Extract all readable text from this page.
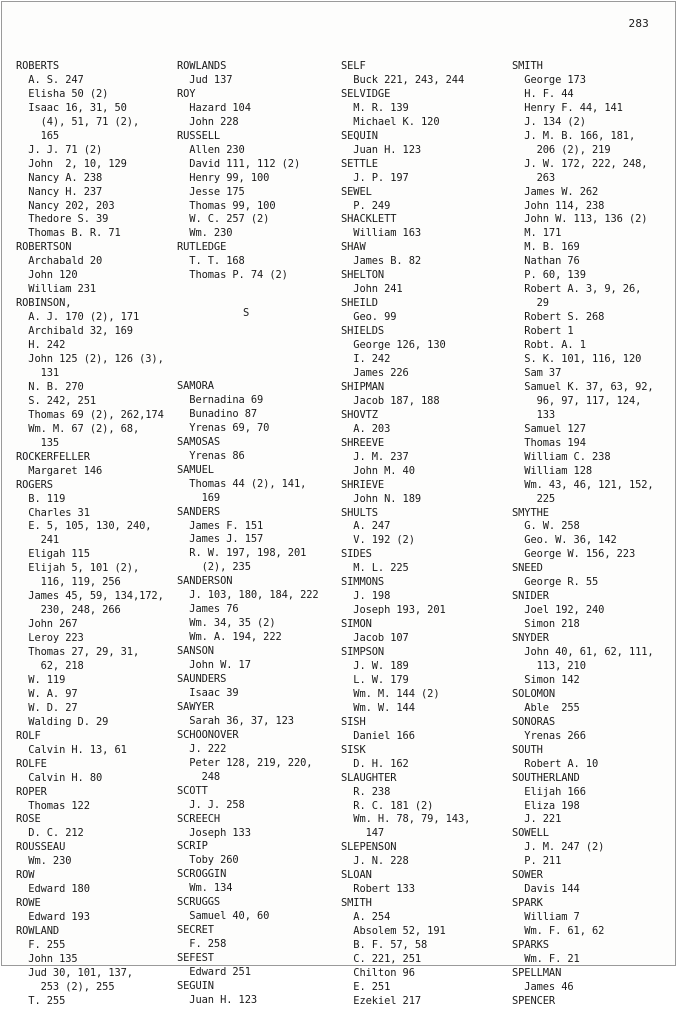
283
ROBERTS
A. S. 247
Elisha 50 (2)
Isaac 16, 31, 50
(4), 51, 71 (2),
165
J. J. 71 (2)
John  2, 10, 129
Nancy A. 238
Nancy H. 237
Nancy 202, 203
Thedore S. 39
Thomas B. R. 71
ROBERTSON
Archabald 20
John 120
William 231
ROBINSON,
A. J. 170 (2), 171
Archibald 32, 169
H. 242
John 125 (2), 126 (3),
131
N. B. 270
S. 242, 251
Thomas 69 (2), 262,174
Wm. M. 67 (2), 68,
135
ROCKERFELLER
Margaret 146
ROGERS
B. 119
Charles 31
E. 5, 105, 130, 240,
241
Eligah 115
Elijah 5, 101 (2),
116, 119, 256
James 45, 59, 134,172,
230, 248, 266
John 267
Leroy 223
Thomas 27, 29, 31,
62, 218
W. 119
W. A. 97
W. D. 27
Walding D. 29
ROLF
Calvin H. 13, 61
ROLFE
Calvin H. 80
ROPER
Thomas 122
ROSE
D. C. 212
ROUSSEAU
Wm. 230
ROW
Edward 180
ROWE
Edward 193
ROWLAND
F. 255
John 135
Jud 30, 101, 137,
253 (2), 255
T. 255
ROWLANDS
Jud 137
ROY
Hazard 104
John 228
RUSSELL
Allen 230
David 111, 112 (2)
Henry 99, 100
Jesse 175
Thomas 99, 100
W. C. 257 (2)
Wm. 230
RUTLEDGE
T. T. 168
Thomas P. 74 (2)
SAMORA
Bernadina 69
Bunadino 87
Yrenas 69, 70
SAMOSAS
Yrenas 86
SAMUEL
Thomas 44 (2), 141,
169
SANDERS
James F. 151
James J. 157
R. W. 197, 198, 201
(2), 235
SANDERSON
J. 103, 180, 184, 222
James 76
Wm. 34, 35 (2)
Wm. A. 194, 222
SANSON
John W. 17
SAUNDERS
Isaac 39
SAWYER
Sarah 36, 37, 123
SCHOONOVER
J. 222
Peter 128, 219, 220,
248
SCOTT
J. J. 258
SCREECH
Joseph 133
SCRIP
Toby 260
SCROGGIN
Wm. 134
SCRUGGS
Samuel 40, 60
SECRET
F. 258
SEFEST
Edward 251
SEGUIN
Juan H. 123
SELF
Buck 221, 243, 244
SELVIDGE
M. R. 139
Michael K. 120
SEQUIN
Juan H. 123
SETTLE
J. P. 197
SEWEL
P. 249
SHACKLETT
William 163
SHAW
James B. 82
SHELTON
John 241
SHEILD
Geo. 99
SHIELDS
George 126, 130
I. 242
James 226
SHIPMAN
Jacob 187, 188
SHOVTZ
A. 203
SHREEVE
J. M. 237
John M. 40
SHRIEVE
John N. 189
SHULTS
A. 247
V. 192 (2)
SIDES
M. L. 225
SIMMONS
J. 198
Joseph 193, 201
SIMON
Jacob 107
SIMPSON
J. W. 189
L. W. 179
Wm. M. 144 (2)
Wm. W. 144
SISH
Daniel 166
SISK
D. H. 162
SLAUGHTER
R. 238
R. C. 181 (2)
Wm. H. 78, 79, 143,
147
SLEPENSON
J. N. 228
SLOAN
Robert 133
SMITH
A. 254
Absolem 52, 191
B. F. 57, 58
C. 221, 251
Chilton 96
E. 251
Ezekiel 217
SMITH
George 173
H. F. 44
Henry F. 44, 141
J. 134 (2)
J. M. B. 166, 181,
206 (2), 219
J. W. 172, 222, 248,
263
James W. 262
John 114, 238
John W. 113, 136 (2)
M. 171
M. B. 169
Nathan 76
P. 60, 139
Robert A. 3, 9, 26,
29
Robert S. 268
Robert 1
Robt. A. 1
S. K. 101, 116, 120
Sam 37
Samuel K. 37, 63, 92,
96, 97, 117, 124,
133
Samuel 127
Thomas 194
William C. 238
William 128
Wm. 43, 46, 121, 152,
225
SMYTHE
G. W. 258
Geo. W. 36, 142
George W. 156, 223
SNEED
George R. 55
SNIDER
Joel 192, 240
Simon 218
SNYDER
John 40, 61, 62, 111,
113, 210
Simon 142
SOLOMON
Able  255
SONORAS
Yrenas 266
SOUTH
Robert A. 10
SOUTHERLAND
Elijah 166
Eliza 198
J. 221
SOWELL
J. M. 247 (2)
P. 211
SOWER
Davis 144
SPARK
William 7
Wm. F. 61, 62
SPARKS
Wm. F. 21
SPELLMAN
James 46
SPENCER
S
